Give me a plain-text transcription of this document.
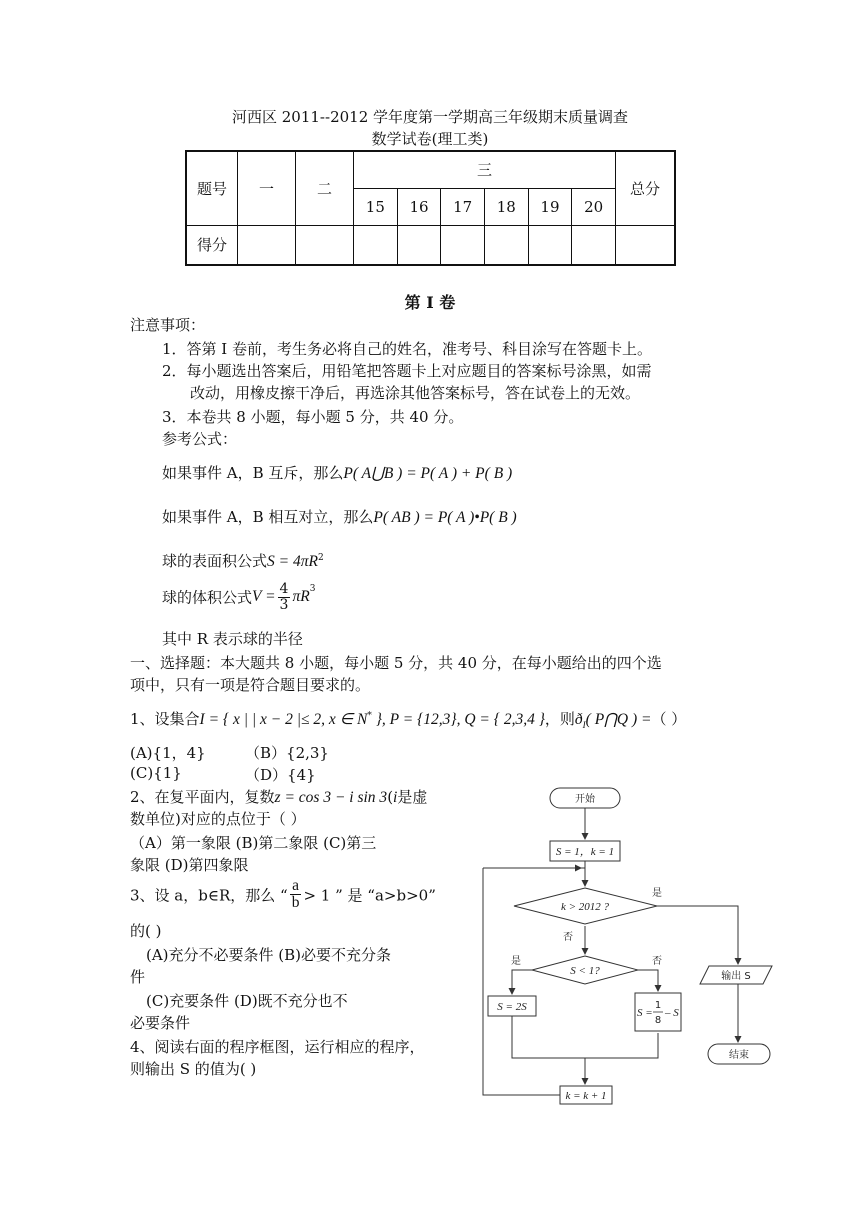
河西区 2011--2012 学年度第一学期高三年级期末质量调查
数学试卷(理工类)
题号	一	二	三						总分
			15	16	17	18	19	20	
得分									
第 I 卷
注意事项：
1．答第 I 卷前，考生务必将自己的姓名，准考号、科目涂写在答题卡上。
2．每小题选出答案后，用铅笔把答题卡上对应题目的答案标号涂黑，如需
改动，用橡皮擦干净后，再选涂其他答案标号，答在试卷上的无效。
3．本卷共 8 小题，每小题 5 分，共 40 分。
参考公式：
如果事件 A，B 互斥，那么P( A⋃B ) = P( A ) + P( B )
如果事件 A，B 相互对立，那么P( AB ) = P( A )•P( B )
球的表面积公式$S = 4\pi R^2$
球的体积公式$V = \frac{4}{3} \pi R^3$
其中 R 表示球的半径
一、选择题：本大题共 8 小题，每小题 5 分，共 40 分，在每小题给出的四个选
项中，只有一项是符合题目要求的。
1、设集合I = { x | | x − 2 |≤ 2, x ∈ N* }, P = {12,3}, Q = { 2,3,4 }，则$ð_I$( P⋂Q ) =（ ）
(A){1，4}	（B）{2,3}
(C){1}	（D）{4}
2、在复平面内，复数z = cos 3 − i sin 3(i是虚
数单位)对应的点位于（ ）
（A）第一象限 (B)第二象限 (C)第三
象限 (D)第四象限
3、设 a，b∈R，那么 “ $\frac{a}{b} > 1$ ” 是 “a>b>0”
的( )
(A)充分不必要条件 (B)必要不充分条
件
(C)充要条件 (D)既不充分也不
必要条件
4、阅读右面的程序框图，运行相应的程序，
则输出 S 的值为( )
开始
S = 1，k = 1
k > 2012 ?
是
否
S < 1?
是	否
S = 2S	S =
1
8
– S
输出 S
结束
k = k + 1
